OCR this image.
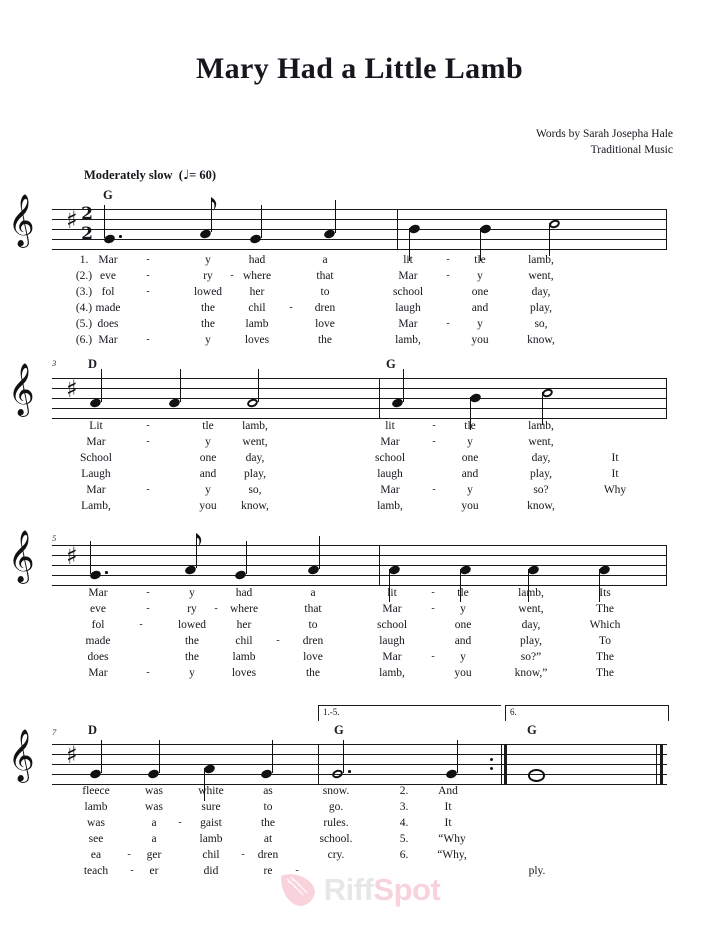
Mary Had a Little Lamb
Words by Sarah Josepha Hale
Traditional Music
Moderately slow (♩= 60)
G
𝄞 ♯ 2
2
1. Mar	-	y	had	a	lit	- tle	lamb,
(2.) eve	-	ry - where	that	Mar	- y	went,
(3.) fol	-	lowed her	to	school	one	day,
(4.) made	the	chil - dren	laugh	and	play,
(5.) does	the	lamb	love	Mar	- y	so,
(6.) Mar	-	y	loves	the	lamb,	you	know,
3	D	G
𝄞 ♯
Lit	-	tle lamb,	lit	- tle	lamb,
Mar	-	y	went,	Mar	-	y	went,
School	one	day,	school	one	day,	It
Laugh	and play,	laugh	and	play,	It
Mar	-	y	so,	Mar	-	y	so?	Why
Lamb,	you know,	lamb,	you	know,
5
𝄞 ♯
Mar	-	y	had	a	lit	- tle	lamb,	Its
eve	-	ry - where	that	Mar	- y	went,	The
fol	-	lowed	her	to	school	one	day,	Which
made	the	chil - dren	laugh	and	play,	To
does	the	lamb	love	Mar	- y	so?”	The
Mar	-	y	loves	the	lamb,	you	know,”	The
1.-5.	6.
7	D	G	G
𝄞 ♯
fleece	was	white	as	snow.	2.	And
lamb	was	sure	to	go.	3.	It
was	a - gaist	the	rules.	4.	It
see	a	lamb	at	school.	5.	“Why
ea	- ger	chil - dren	cry.	6.	“Why,
teach - er	did	re -	ply.
RiffSpot
